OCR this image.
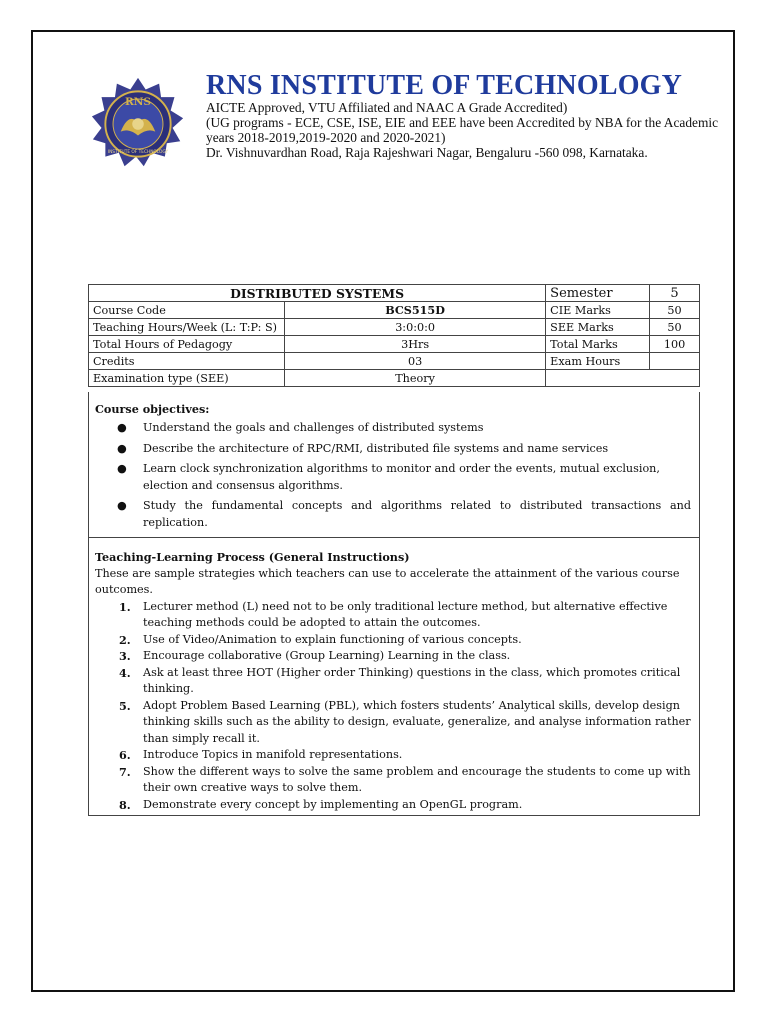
RNS
INSTITUTE OF TECHNOLOGY
RNS INSTITUTE OF TECHNOLOGY
AICTE Approved, VTU Affiliated and NAAC A Grade Accredited)
(UG programs - ECE, CSE, ISE, EIE and EEE have been Accredited by NBA for the Academic
years 2018-2019,2019-2020 and 2020-2021)
Dr. Vishnuvardhan Road, Raja Rajeshwari Nagar, Bengaluru -560 098, Karnataka.
DISTRIBUTED SYSTEMS		Semester	5
Course Code	BCS515D	CIE Marks	50
Teaching Hours/Week (L: T:P: S)	3:0:0:0	SEE Marks	50
Total Hours of Pedagogy	3Hrs	Total Marks	100
Credits	03	Exam Hours	
Examination type (SEE)	Theory		
Course objectives:
● Understand the goals and challenges of distributed systems
● Describe the architecture of RPC/RMI, distributed file systems and name services
● Learn clock synchronization algorithms to monitor and order the events, mutual exclusion, election and consensus algorithms.
● Study the fundamental concepts and algorithms related to distributed transactions and replication.
Teaching-Learning Process (General Instructions)
These are sample strategies which teachers can use to accelerate the attainment of the various course outcomes.
1. Lecturer method (L) need not to be only traditional lecture method, but alternative effective teaching methods could be adopted to attain the outcomes.
2. Use of Video/Animation to explain functioning of various concepts.
3. Encourage collaborative (Group Learning) Learning in the class.
4. Ask at least three HOT (Higher order Thinking) questions in the class, which promotes critical thinking.
5. Adopt Problem Based Learning (PBL), which fosters students’ Analytical skills, develop design thinking skills such as the ability to design, evaluate, generalize, and analyse information rather than simply recall it.
6. Introduce Topics in manifold representations.
7. Show the different ways to solve the same problem and encourage the students to come up with their own creative ways to solve them.
8. Demonstrate every concept by implementing an OpenGL program.
